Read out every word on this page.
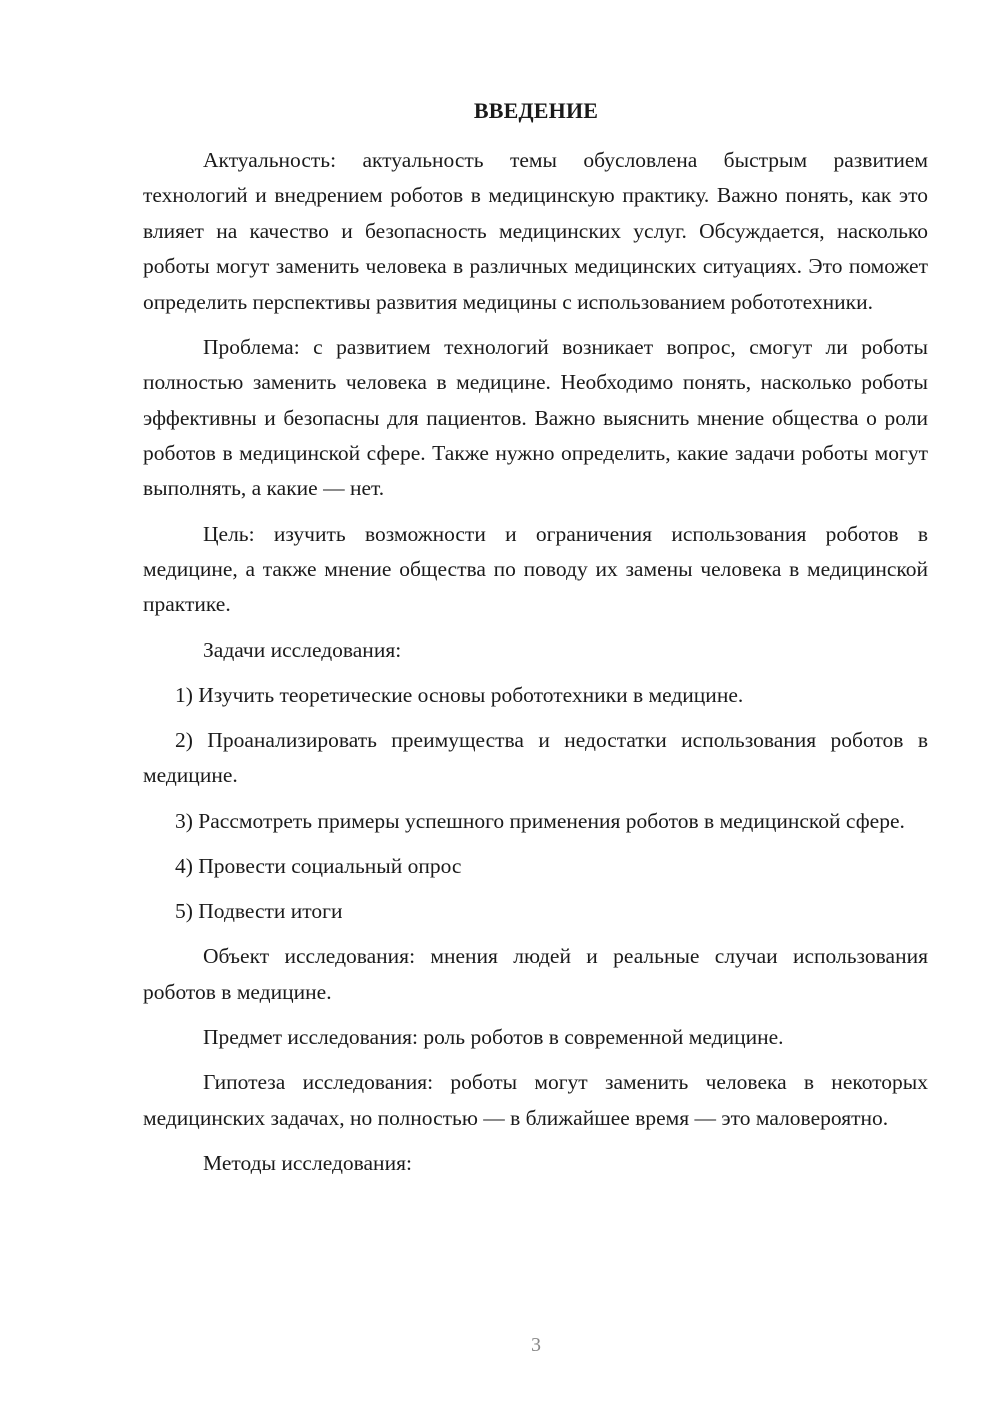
ВВЕДЕНИЕ

Актуальность: актуальность темы обусловлена быстрым развитием технологий и внедрением роботов в медицинскую практику. Важно понять, как это влияет на качество и безопасность медицинских услуг. Обсуждается, насколько роботы могут заменить человека в различных медицинских ситуациях. Это поможет определить перспективы развития медицины с использованием робототехники.

Проблема: с развитием технологий возникает вопрос, смогут ли роботы полностью заменить человека в медицине. Необходимо понять, насколько роботы эффективны и безопасны для пациентов. Важно выяснить мнение общества о роли роботов в медицинской сфере. Также нужно определить, какие задачи роботы могут выполнять, а какие — нет.

Цель: изучить возможности и ограничения использования роботов в медицине, а также мнение общества по поводу их замены человека в медицинской практике.

Задачи исследования:

1) Изучить теоретические основы робототехники в медицине.

2) Проанализировать преимущества и недостатки использования роботов в медицине.

3) Рассмотреть примеры успешного применения роботов в медицинской сфере.

4) Провести социальный опрос

5) Подвести итоги

Объект исследования: мнения людей и реальные случаи использования роботов в медицине.

Предмет исследования: роль роботов в современной медицине.

Гипотеза исследования: роботы могут заменить человека в некоторых медицинских задачах, но полностью — в ближайшее время — это маловероятно.

Методы исследования:

3
